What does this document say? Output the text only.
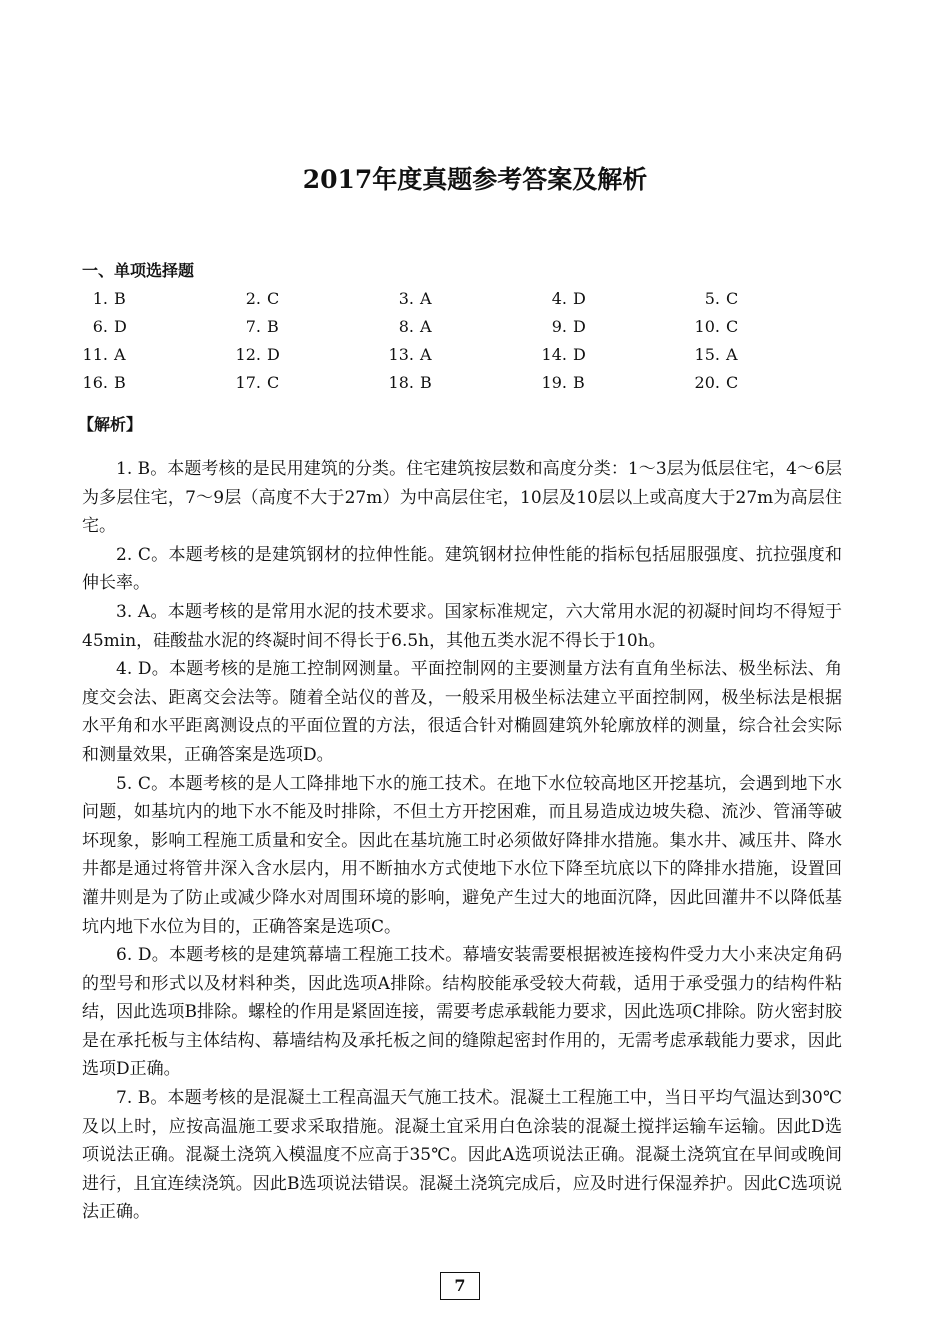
2017年度真题参考答案及解析
一、单项选择题
1. B	2. C	3. A	4. D	5. C
6. D	7. B	8. A	9. D	10. C
11. A	12. D	13. A	14. D	15. A
16. B	17. C	18. B	19. B	20. C
【解析】

1. B。本题考核的是民用建筑的分类。住宅建筑按层数和高度分类：1～3层为低层住宅，4～6层为多层住宅，7～9层（高度不大于27m）为中高层住宅，10层及10层以上或高度大于27m为高层住宅。

2. C。本题考核的是建筑钢材的拉伸性能。建筑钢材拉伸性能的指标包括屈服强度、抗拉强度和伸长率。

3. A。本题考核的是常用水泥的技术要求。国家标准规定，六大常用水泥的初凝时间均不得短于45min，硅酸盐水泥的终凝时间不得长于6.5h，其他五类水泥不得长于10h。

4. D。本题考核的是施工控制网测量。平面控制网的主要测量方法有直角坐标法、极坐标法、角度交会法、距离交会法等。随着全站仪的普及，一般采用极坐标法建立平面控制网，极坐标法是根据水平角和水平距离测设点的平面位置的方法，很适合针对椭圆建筑外轮廓放样的测量，综合社会实际和测量效果，正确答案是选项D。

5. C。本题考核的是人工降排地下水的施工技术。在地下水位较高地区开挖基坑，会遇到地下水问题，如基坑内的地下水不能及时排除，不但土方开挖困难，而且易造成边坡失稳、流沙、管涌等破坏现象，影响工程施工质量和安全。因此在基坑施工时必须做好降排水措施。集水井、减压井、降水井都是通过将管井深入含水层内，用不断抽水方式使地下水位下降至坑底以下的降排水措施，设置回灌井则是为了防止或减少降水对周围环境的影响，避免产生过大的地面沉降，因此回灌井不以降低基坑内地下水位为目的，正确答案是选项C。

6. D。本题考核的是建筑幕墙工程施工技术。幕墙安装需要根据被连接构件受力大小来决定角码的型号和形式以及材料种类，因此选项A排除。结构胶能承受较大荷载，适用于承受强力的结构件粘结，因此选项B排除。螺栓的作用是紧固连接，需要考虑承载能力要求，因此选项C排除。防火密封胶是在承托板与主体结构、幕墙结构及承托板之间的缝隙起密封作用的，无需考虑承载能力要求，因此选项D正确。

7. B。本题考核的是混凝土工程高温天气施工技术。混凝土工程施工中，当日平均气温达到30℃及以上时，应按高温施工要求采取措施。混凝土宜采用白色涂装的混凝土搅拌运输车运输。因此D选项说法正确。混凝土浇筑入模温度不应高于35℃。因此A选项说法正确。混凝土浇筑宜在早间或晚间进行，且宜连续浇筑。因此B选项说法错误。混凝土浇筑完成后，应及时进行保湿养护。因此C选项说法正确。

7
